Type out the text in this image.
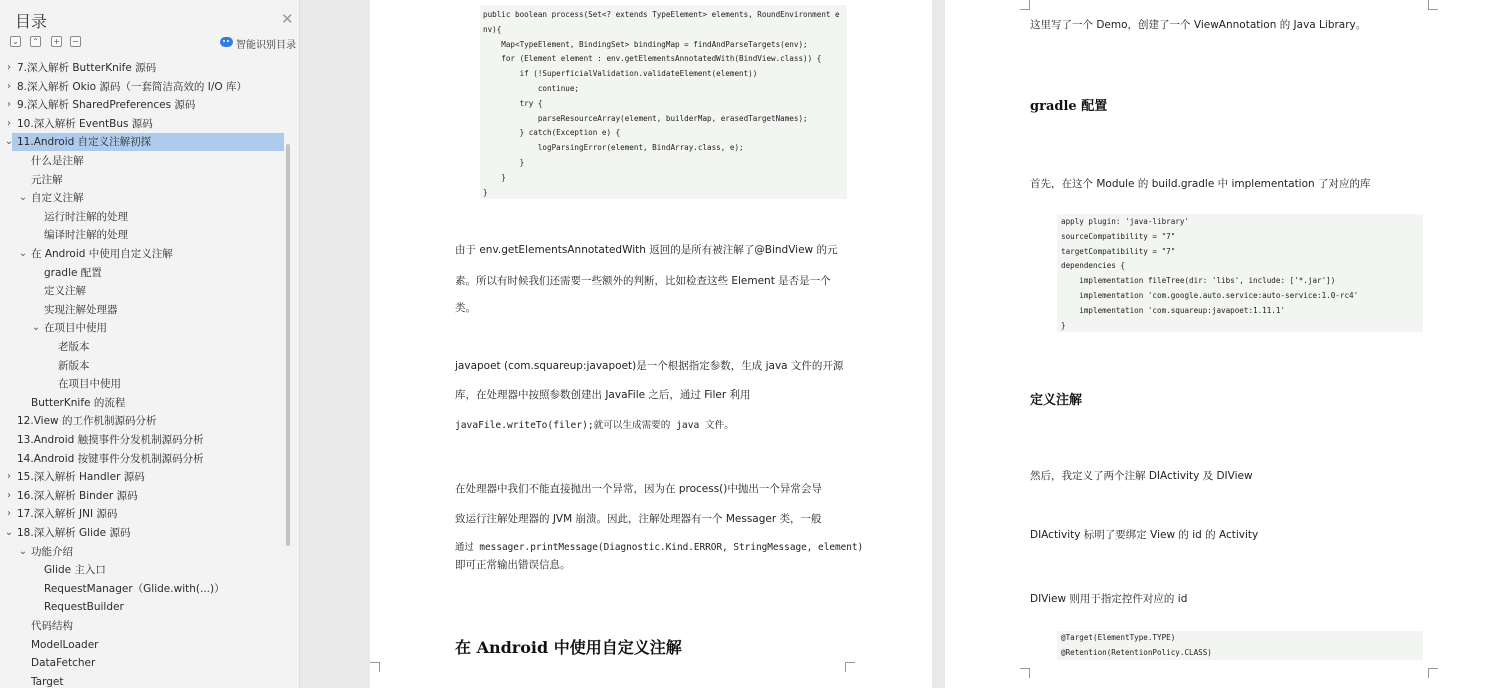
目录	✕
⌄ ⌃ + −	智能识别目录
› 7.深入解析 ButterKnife 源码
› 8.深入解析 Okio 源码（一套简洁高效的 I/O 库）
› 9.深入解析 SharedPreferences 源码
› 10.深入解析 EventBus 源码
⌄ 11.Android 自定义注解初探
什么是注解
元注解
⌄ 自定义注解
运行时注解的处理
编译时注解的处理
⌄ 在 Android 中使用自定义注解
gradle 配置
定义注解
实现注解处理器
⌄ 在项目中使用
老版本
新版本
在项目中使用
ButterKnife 的流程
12.View 的工作机制源码分析
13.Android 触摸事件分发机制源码分析
14.Android 按键事件分发机制源码分析
› 15.深入解析 Handler 源码
› 16.深入解析 Binder 源码
› 17.深入解析 JNI 源码
⌄ 18.深入解析 Glide 源码
⌄ 功能介绍
Glide 主入口
RequestManager（Glide.with(...)）
RequestBuilder
代码结构
ModelLoader
DataFetcher
Target
public boolean process(Set<? extends TypeElement> elements, RoundEnvironment e
nv){
Map<TypeElement, BindingSet> bindingMap = findAndParseTargets(env);
for (Element element : env.getElementsAnnotatedWith(BindView.class)) {
if (!SuperficialValidation.validateElement(element))
continue;
try {
parseResourceArray(element, builderMap, erasedTargetNames);
} catch(Exception e) {
logParsingError(element, BindArray.class, e);
}
}
}
由于 env.getElementsAnnotatedWith 返回的是所有被注解了@BindView 的元
素。所以有时候我们还需要一些额外的判断，比如检查这些 Element 是否是一个
类。
javapoet (com.squareup:javapoet)是一个根据指定参数，生成 java 文件的开源
库，在处理器中按照参数创建出 JavaFile 之后，通过 Filer 利用
javaFile.writeTo(filer);就可以生成需要的 java 文件。
在处理器中我们不能直接抛出一个异常，因为在 process()中抛出一个异常会导
致运行注解处理器的 JVM 崩溃。因此，注解处理器有一个 Messager 类，一般
通过 messager.printMessage(Diagnostic.Kind.ERROR, StringMessage, element)
即可正常输出错误信息。
在 Android 中使用自定义注解
这里写了一个 Demo，创建了一个 ViewAnnotation 的 Java Library。
gradle 配置
首先，在这个 Module 的 build.gradle 中 implementation 了对应的库
apply plugin: 'java-library'
sourceCompatibility = "7"
targetCompatibility = "7"
dependencies {
implementation fileTree(dir: 'libs', include: ['*.jar'])
implementation 'com.google.auto.service:auto-service:1.0-rc4'
implementation 'com.squareup:javapoet:1.11.1'
}
定义注解
然后，我定义了两个注解 DIActivity 及 DIView
DIActivity 标明了要绑定 View 的 id 的 Activity
DIView 则用于指定控件对应的 id
@Target(ElementType.TYPE)
@Retention(RetentionPolicy.CLASS)
